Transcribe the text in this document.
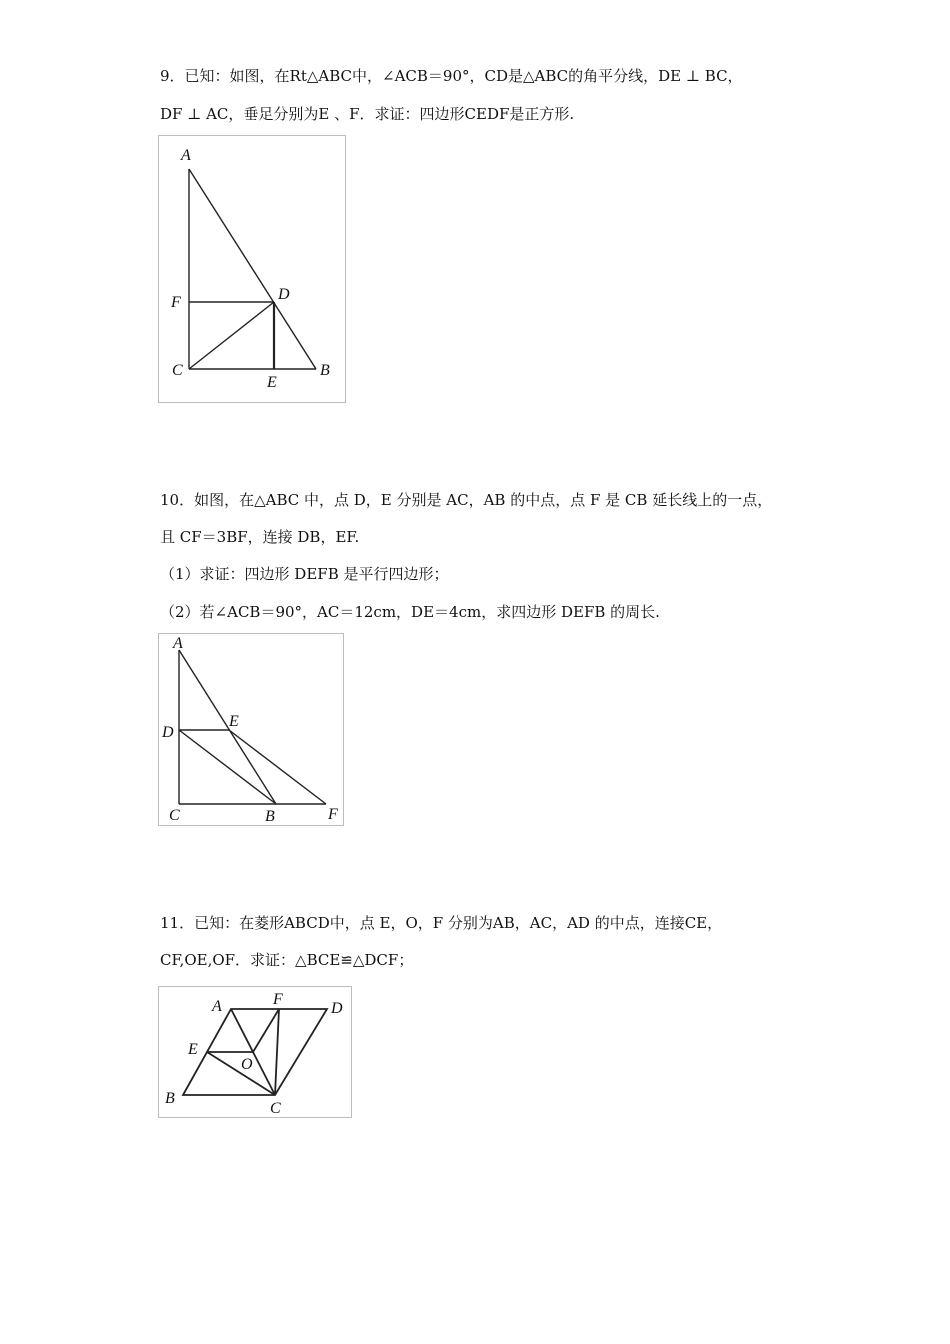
9．已知：如图，在Rt△ABC中，∠ACB＝90°，CD是△ABC的角平分线，DE ⊥ BC，
DF ⊥ AC，垂足分别为E 、F．求证：四边形CEDF是正方形.
A
B
C
D
E
F
10．如图，在△ABC 中，点 D，E 分别是 AC，AB 的中点，点 F 是 CB 延长线上的一点，
且 CF＝3BF，连接 DB，EF.
（1）求证：四边形 DEFB 是平行四边形；
（2）若∠ACB＝90°，AC＝12cm，DE＝4cm，求四边形 DEFB 的周长.
A
B
C
D
E
F
11．已知：在菱形ABCD中，点 E，O，F 分别为AB，AC，AD 的中点，连接CE，
CF,OE,OF．求证：△BCE≌△DCF；
A
B
C
D
E
O
F
